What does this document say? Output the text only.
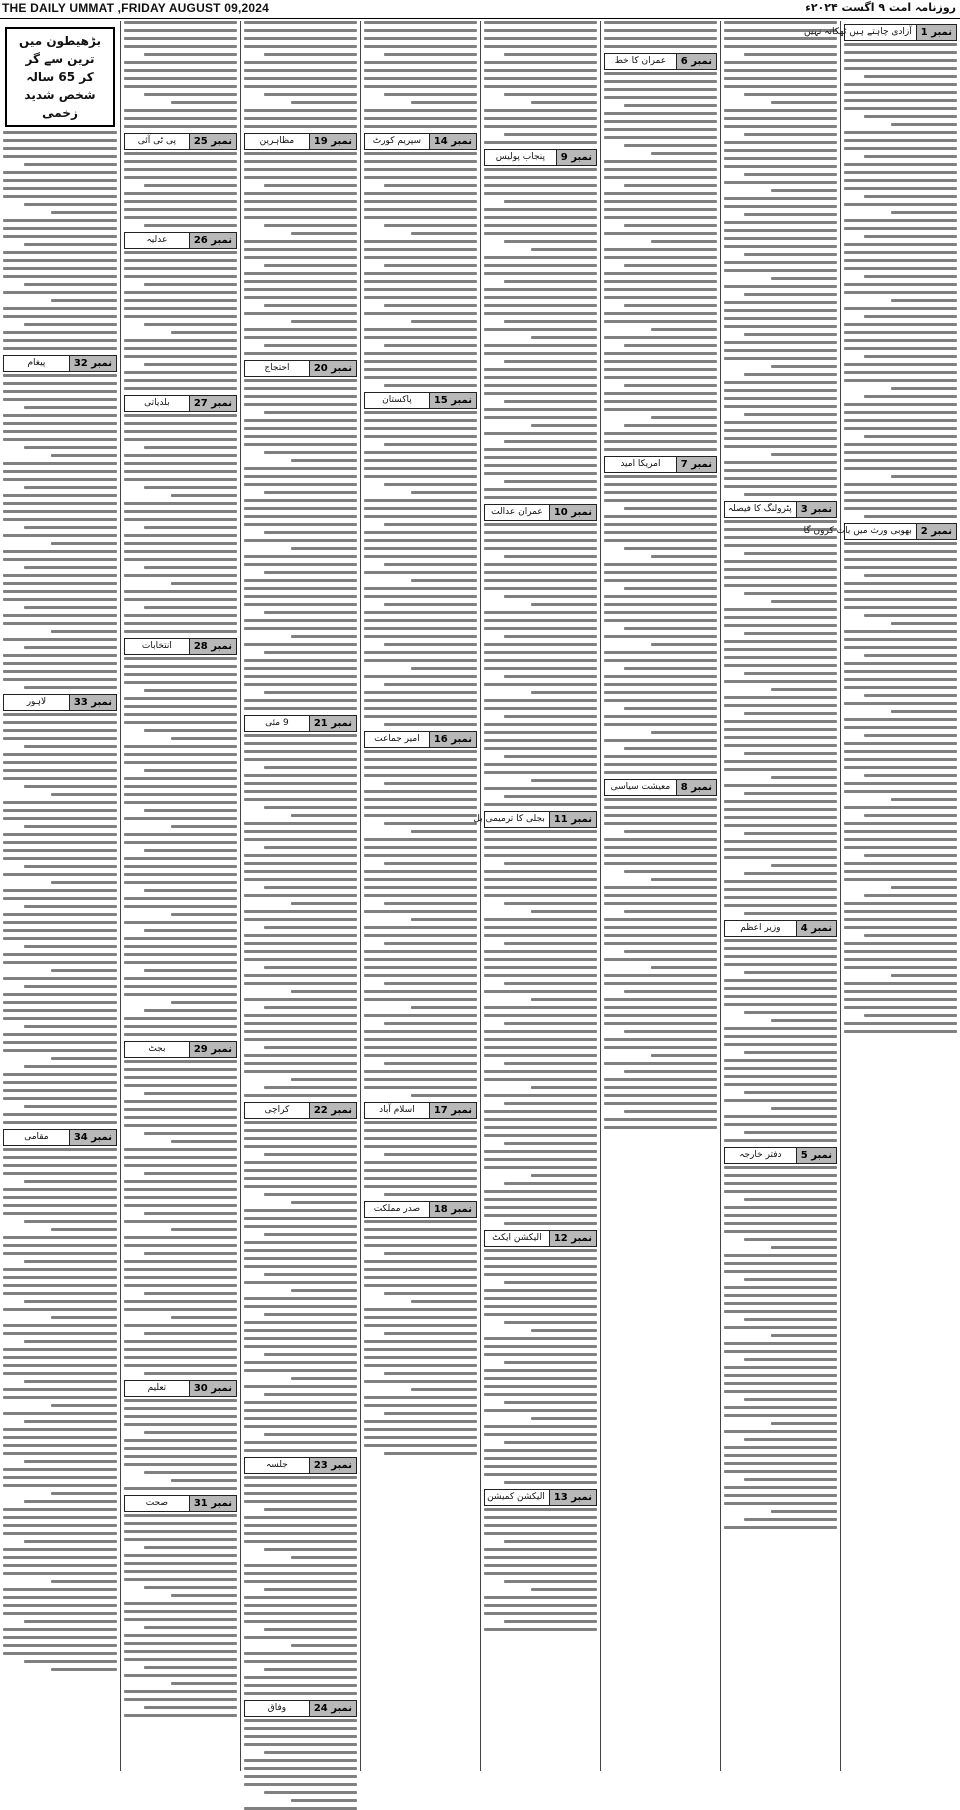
THE DAILY UMMAT ,FRIDAY AUGUST 09,2024	روزنامہ امت ۹ اگست ۲۰۲۴ء
بڑھیطون میں ترین سے گر
کر 65 سالہ شخص شدید زخمی
نمبر 32
پیغام
نمبر 33
لاہور
نمبر 34
مقامی
نمبر 25
پی ٹی آئی
نمبر 26
عدلیہ
نمبر 27
بلدیاتی
نمبر 28
انتخابات
نمبر 29
بجٹ
نمبر 30
تعلیم
نمبر 31
صحت
نمبر 19
مظاہرین
نمبر 20
احتجاج
نمبر 21
9 مئی
نمبر 22
کراچی
نمبر 23
جلسہ
نمبر 24
وفاق
نمبر 14
سپریم کورٹ
نمبر 15
پاکستان
نمبر 16
امیر جماعت
نمبر 17
اسلام آباد
نمبر 18
صدر مملکت
نمبر 9
پنجاب پولیس
نمبر 10
عمران عدالت
نمبر 11
بجلی کا ترمیمی بل
نمبر 12
الیکشن ایکٹ
نمبر 13
الیکشن کمیشن
نمبر 6
عمران کا خط
نمبر 7
امریکا امید
نمبر 8
معیشت سیاسی
نمبر 3
پٹرولنگ کا فیصلہ
نمبر 4
وزیر اعظم
نمبر 5
دفتر خارجہ
نمبر 1
آزادی چاہتے ہیں ٹھکانہ نہیں
نمبر 2
بھوبی ورث میں بات کروں گا
